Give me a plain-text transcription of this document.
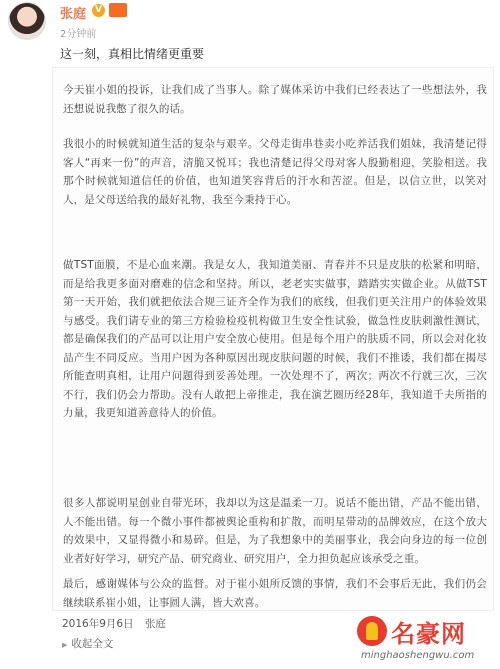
张庭	V
2分钟前
这一刻，真相比情绪更重要

今天崔小姐的投诉，让我们成了当事人。除了媒体采访中我们已经表达了一些想法外，我还想说说我憋了很久的话。

我很小的时候就知道生活的复杂与艰辛。父母走街串巷卖小吃养活我们姐妹，我清楚记得客人“再来一份”的声音，清脆又悦耳；我也清楚记得父母对客人殷勤相迎，笑脸相送。我那个时候就知道信任的价值，也知道笑容背后的汗水和苦涩。但是，以信立世，以笑对人，是父母送给我的最好礼物，我至今秉持于心。

做TST面膜，不是心血来潮。我是女人，我知道美丽、青春并不只是皮肤的松紧和明暗，而是给我更多面对磨难的信念和坚持。所以，老老实实做事，踏踏实实做企业。从做TST第一天开始，我们就把依法合规三证齐全作为我们的底线，但我们更关注用户的体验效果与感受。我们请专业的第三方检验检疫机构做卫生安全性试验，做急性皮肤刺激性测试，都是确保我们的产品可以让用户安全放心使用。但是每个用户的肤质不同，所以会对化妆品产生不同反应。当用户因为各种原因出现皮肤问题的时候，我们不推诿，我们都在揭尽所能查明真相，让用户问题得到妥善处理。一次处理不了，两次；两次不行就三次，三次不行，我们仍会力帮助。没有人敢把上帝推走，我在演艺圈历经28年，我知道千夫所指的力量，我更知道善意待人的价值。

很多人都说明星创业自带光环，我却以为这是温柔一刀。说话不能出错，产品不能出错，人不能出错。每一个微小事件都被舆论重构和扩散，而明星带动的品牌效应，在这个放大的效果中，又显得微小和易碎。但是，为了我想象中的美丽事业，我会向身边的每一位创业者好好学习，研究产品、研究商业、研究用户，全力担负起应该承受之重。

最后，感谢媒体与公众的监督。对于崔小姐所反馈的事情，我们不会事后无此，我们仍会继续联系崔小姐，让事圆人满，皆大欢喜。

2016年9月6日 张庭
▶ 收起全文	名豪网
minghaoshengwu.com
